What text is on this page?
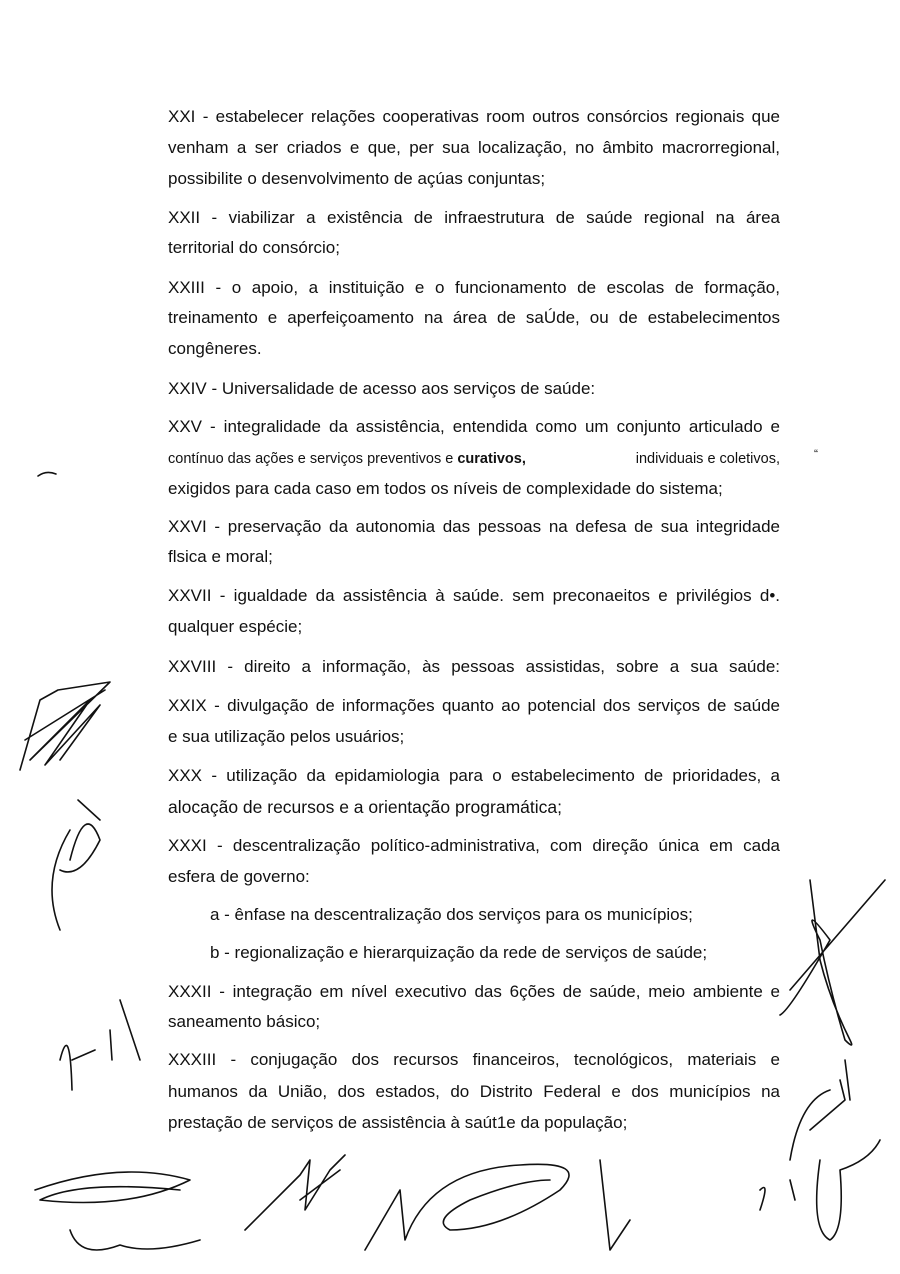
XXI - estabelecer relações cooperativas room outros consórcios regionais que
venham a ser criados e que, per sua localização, no âmbito macrorregional,
possibilite o desenvolvimento de açúas conjuntas;
XXII - viabilizar a existência de infraestrutura de saúde regional na área
territorial do consórcio;
XXIII - o apoio, a instituição e o funcionamento de escolas de formação,
treinamento e aperfeiçoamento na área de saÚde, ou de estabelecimentos
congêneres.
XXIV - Universalidade de acesso aos serviços de saúde:
XXV - integralidade da assistência, entendida como um conjunto articulado e
contínuo das ações e serviços preventivos e curativos,	individuais e coletivos,	“
exigidos para cada caso em todos os níveis de complexidade do sistema;
XXVI - preservação da autonomia das pessoas na defesa de sua integridade
flsica e moral;
XXVII - igualdade da assistência à saúde. sem preconaeitos e privilégios d•.
qualquer espécie;
XXVIII - direito a informação, às pessoas assistidas, sobre a sua saúde:
XXIX - divulgação de informações quanto ao potencial dos serviços de saúde
e sua utilização pelos usuários;
XXX - utilização da epidamiologia para o estabelecimento de prioridades, a
alocação de recursos e a orientação programática;
XXXI - descentralização político-administrativa, com direção única em cada
esfera de governo:
a - ênfase na descentralização dos serviços para os municípios;
b - regionalização e hierarquização da rede de serviços de saúde;
XXXII - integração em nível executivo das 6ções de saúde, meio ambiente e
saneamento básico;
XXXIII - conjugação dos recursos financeiros, tecnológicos, materiais e
humanos da União, dos estados, do Distrito Federal e dos municípios na
prestação de serviços de assistência à saút1e da população;
